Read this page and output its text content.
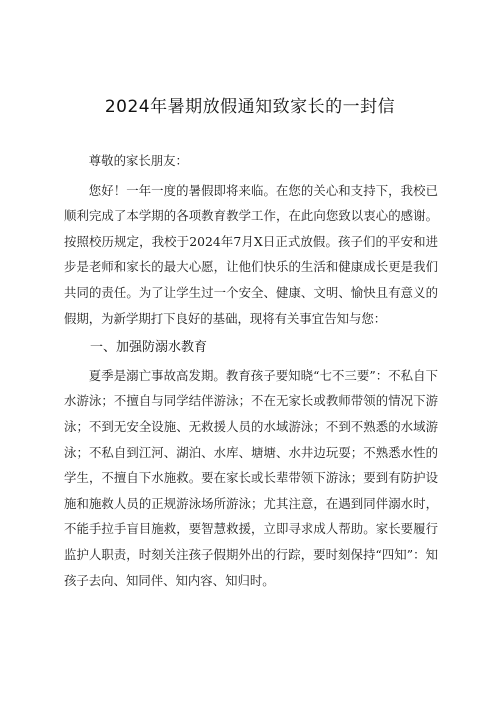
2024年暑期放假通知致家长的一封信

尊敬的家长朋友：

您好！一年一度的暑假即将来临。在您的关心和支持下，我校已顺利完成了本学期的各项教育教学工作，在此向您致以衷心的感谢。按照校历规定，我校于2024年7月X日正式放假。孩子们的平安和进步是老师和家长的最大心愿，让他们快乐的生活和健康成长更是我们共同的责任。为了让学生过一个安全、健康、文明、愉快且有意义的假期，为新学期打下良好的基础，现将有关事宜告知与您：

一、加强防溺水教育

夏季是溺亡事故高发期。教育孩子要知晓“七不三要”：不私自下水游泳；不擅自与同学结伴游泳；不在无家长或教师带领的情况下游泳；不到无安全设施、无救援人员的水域游泳；不到不熟悉的水域游泳；不私自到江河、湖泊、水库、塘塘、水井边玩耍；不熟悉水性的学生，不擅自下水施救。要在家长或长辈带领下游泳；要到有防护设施和施救人员的正规游泳场所游泳；尤其注意，在遇到同伴溺水时，不能手拉手盲目施救，要智慧救援，立即寻求成人帮助。家长要履行监护人职责，时刻关注孩子假期外出的行踪，要时刻保持“四知”：知孩子去向、知同伴、知内容、知归时。
